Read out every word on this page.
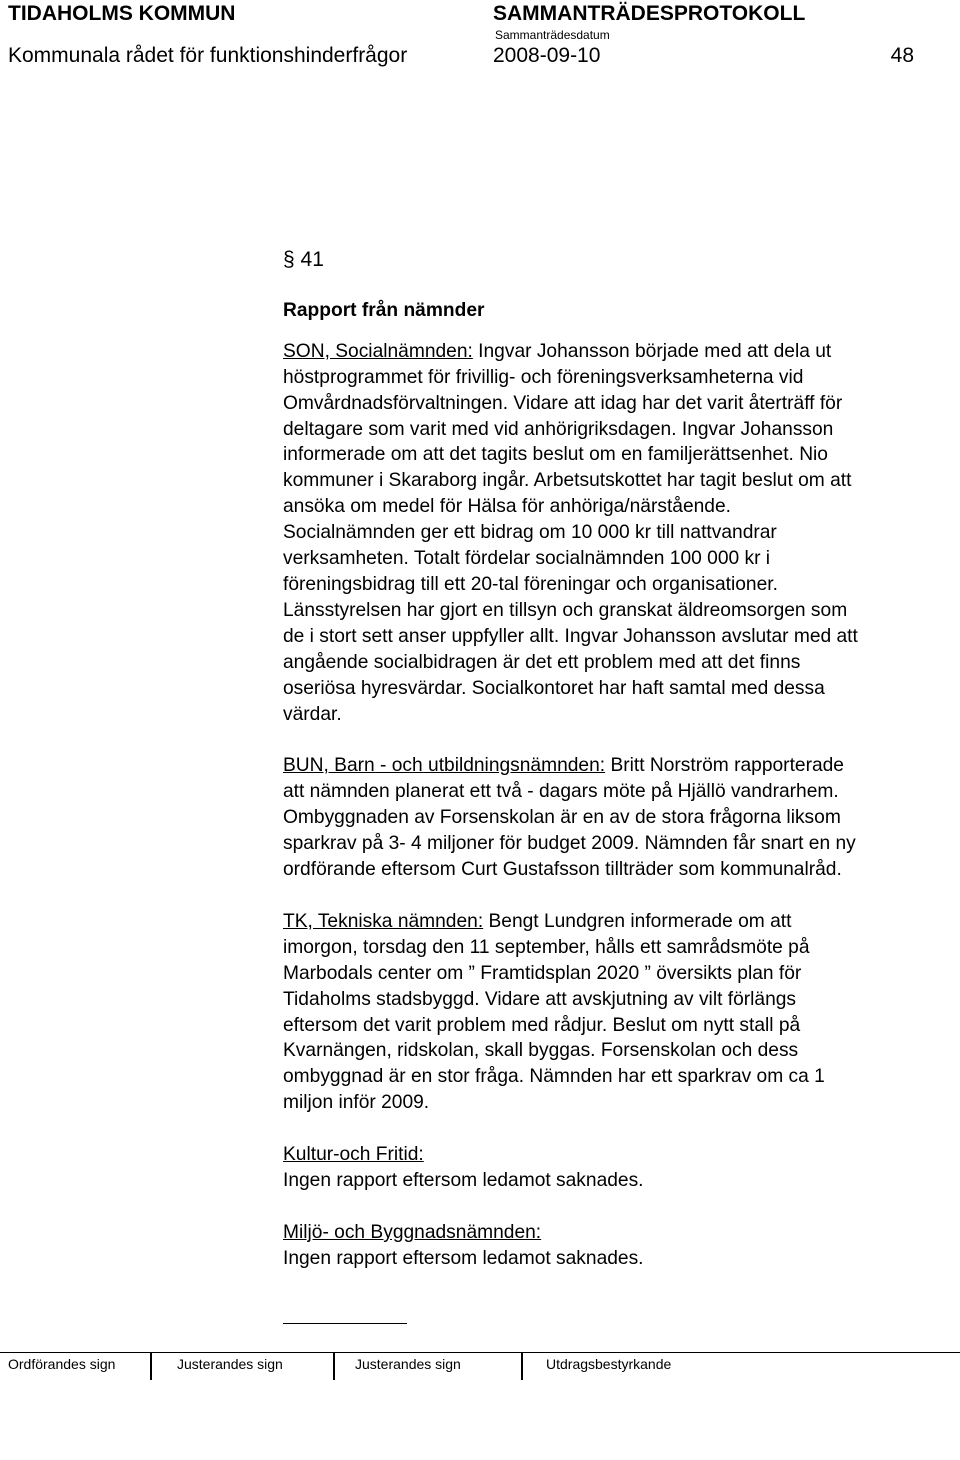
TIDAHOLMS KOMMUN	SAMMANTRÄDESPROTOKOLL
Sammanträdesdatum
Kommunala rådet för funktionshinderfrågor	2008-09-10	48

§ 41

Rapport från nämnder

SON, Socialnämnden: Ingvar Johansson började med att dela ut
höstprogrammet för frivillig- och föreningsverksamheterna vid
Omvårdnadsförvaltningen. Vidare att idag har det varit återträff för
deltagare som varit med vid anhörigriksdagen. Ingvar Johansson
informerade om att det tagits beslut om en familjerättsenhet. Nio
kommuner i Skaraborg ingår. Arbetsutskottet har tagit beslut om att
ansöka om medel för Hälsa för anhöriga/närstående.
Socialnämnden ger ett bidrag om 10 000 kr till nattvandrar
verksamheten. Totalt fördelar socialnämnden 100 000 kr i
föreningsbidrag till ett 20-tal föreningar och organisationer.
Länsstyrelsen har gjort en tillsyn och granskat äldreomsorgen som
de i stort sett anser uppfyller allt. Ingvar Johansson avslutar med att
angående socialbidragen är det ett problem med att det finns
oseriösa hyresvärdar. Socialkontoret har haft samtal med dessa
värdar.
BUN, Barn - och utbildningsnämnden: Britt Norström rapporterade
att nämnden planerat ett två - dagars möte på Hjällö vandrarhem.
Ombyggnaden av Forsenskolan är en av de stora frågorna liksom
sparkrav på 3- 4 miljoner för budget 2009. Nämnden får snart en ny
ordförande eftersom Curt Gustafsson tillträder som kommunalråd.
TK, Tekniska nämnden: Bengt Lundgren informerade om att
imorgon, torsdag den 11 september, hålls ett samrådsmöte på
Marbodals center om ” Framtidsplan 2020 ” översikts plan för
Tidaholms stadsbyggd. Vidare att avskjutning av vilt förlängs
eftersom det varit problem med rådjur. Beslut om nytt stall på
Kvarnängen, ridskolan, skall byggas. Forsenskolan och dess
ombyggnad är en stor fråga. Nämnden har ett sparkrav om ca 1
miljon inför 2009.
Kultur-och Fritid:
Ingen rapport eftersom ledamot saknades.
Miljö- och Byggnadsnämnden:
Ingen rapport eftersom ledamot saknades.
Ordförandes sign	Justerandes sign	Justerandes sign	Utdragsbestyrkande
